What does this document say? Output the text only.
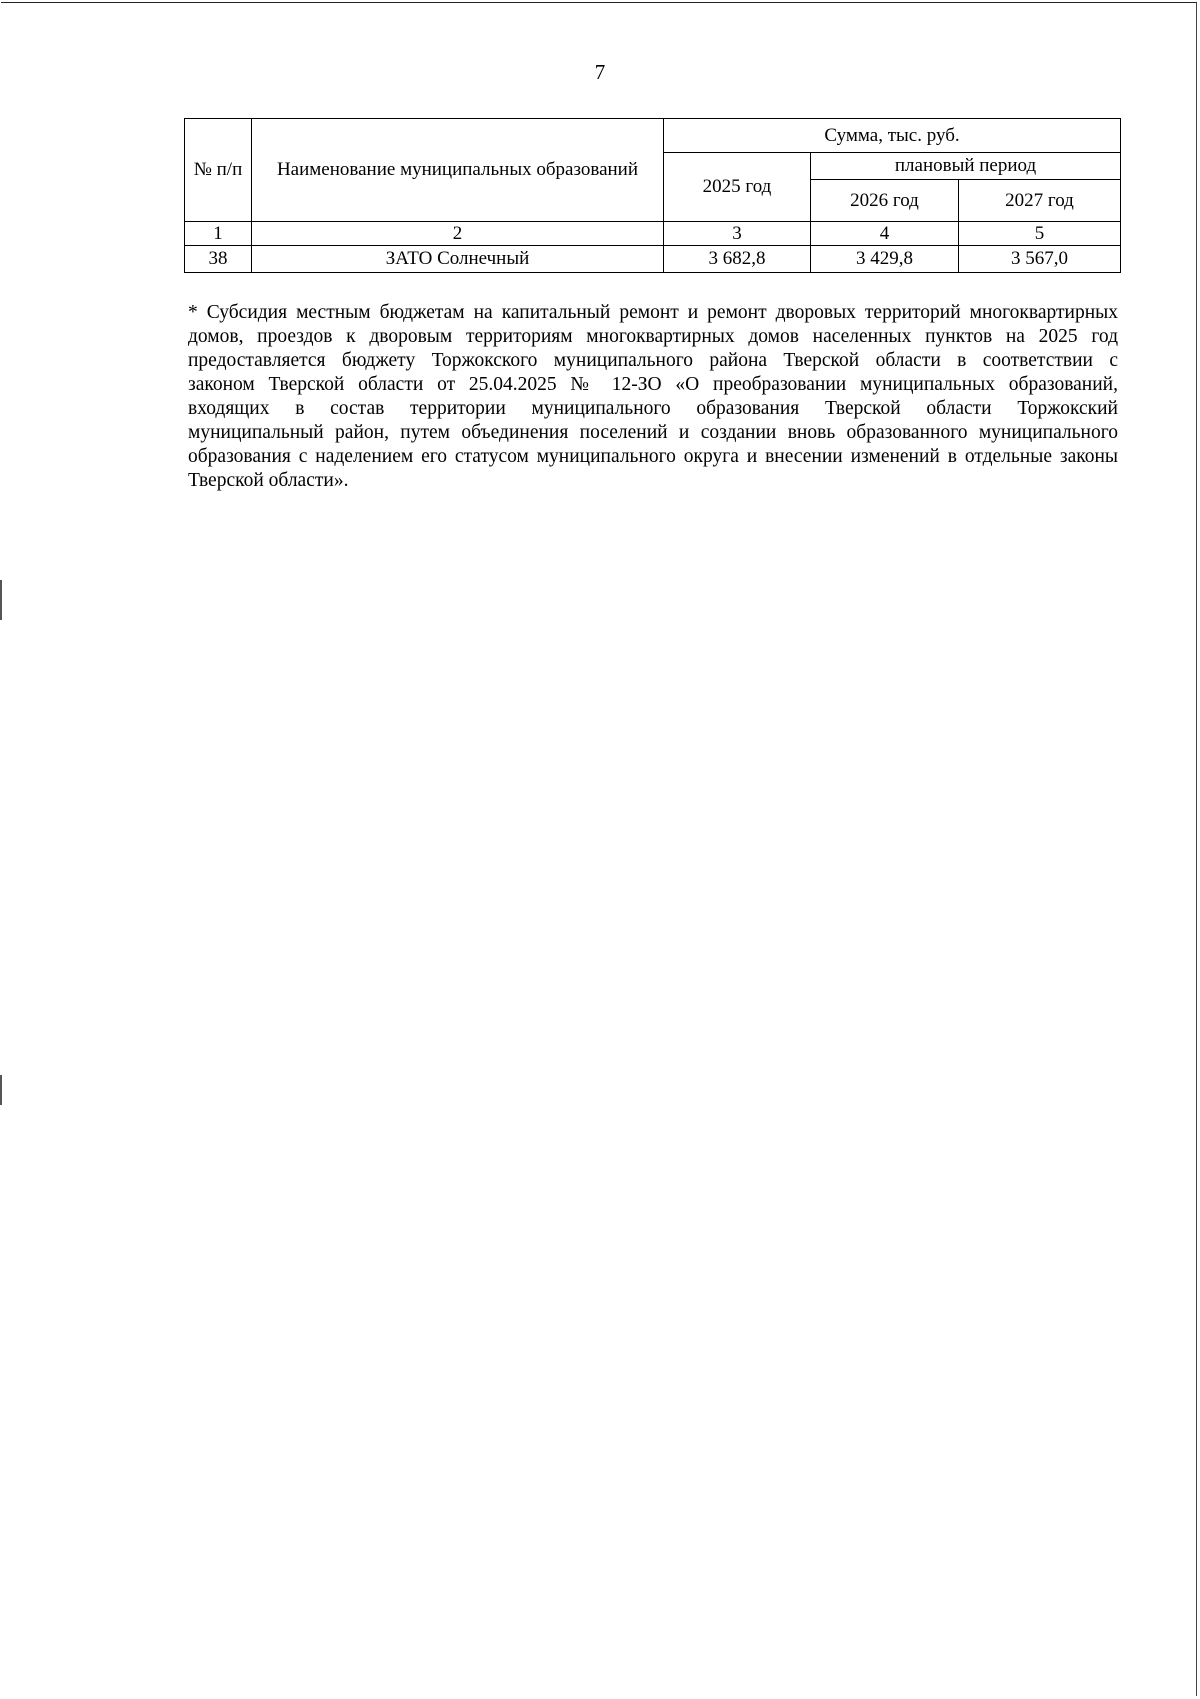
7
№ п/п	Наименование муниципальных образований	Сумма, тыс. руб.		
		2025 год	плановый период	
			2026 год	2027 год
1	2	3	4	5
38	ЗАТО Солнечный	3 682,8	3 429,8	3 567,0

* Субсидия местным бюджетам на капитальный ремонт и ремонт дворовых территорий многоквартирных
домов, проездов к дворовым территориям многоквартирных домов населенных пунктов на 2025 год
предоставляется бюджету Торжокского муниципального района Тверской области в соответствии с
законом Тверской области от 25.04.2025 № 12-ЗО «О преобразовании муниципальных образований,
входящих в состав территории муниципального образования Тверской области Торжокский
муниципальный район, путем объединения поселений и создании вновь образованного муниципального
образования с наделением его статусом муниципального округа и внесении изменений в отдельные законы
Тверской области».
